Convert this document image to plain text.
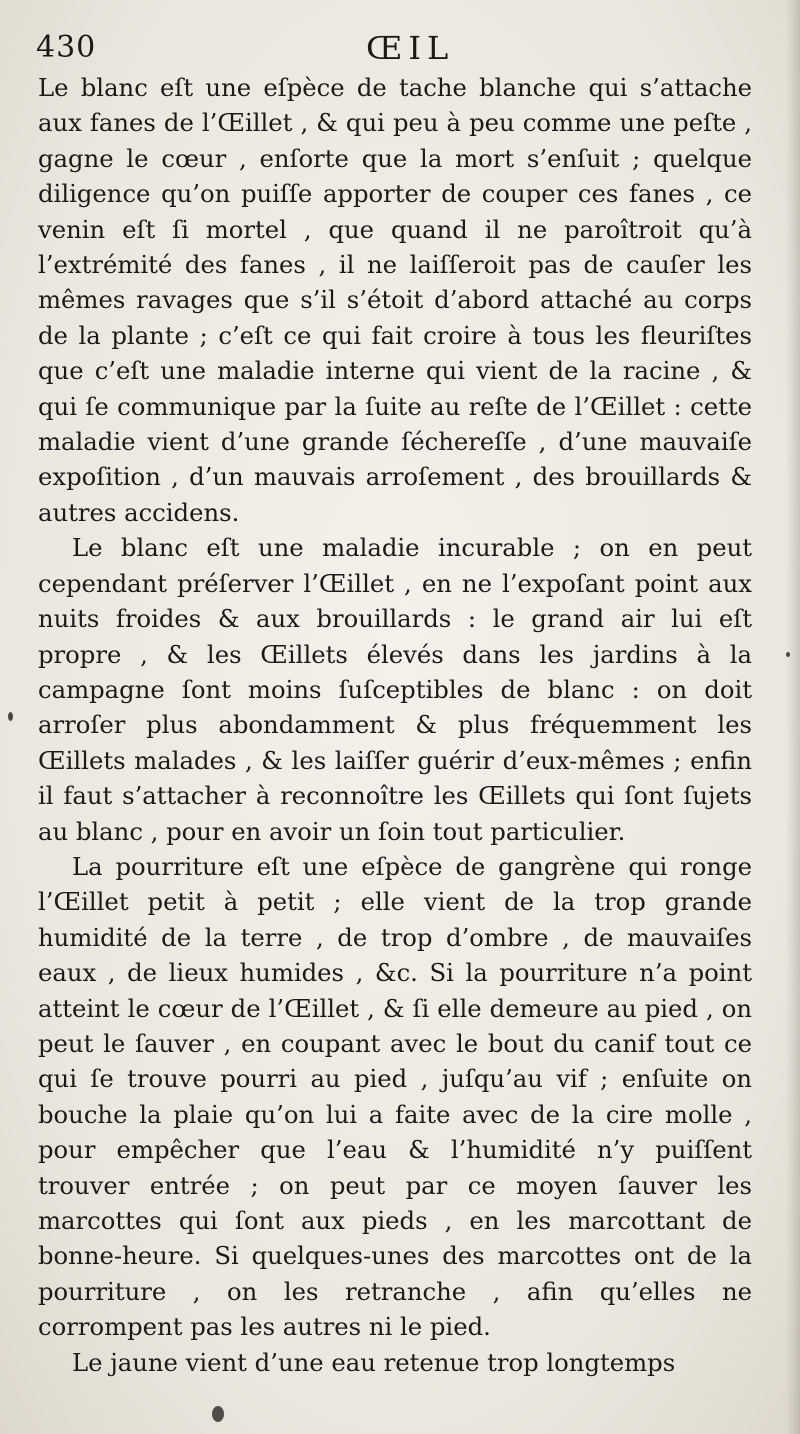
430	ŒIL

Le blanc eſt une eſpèce de tache blanche qui s’attache aux fanes de l’Œillet , & qui peu à peu comme une peſte , gagne le cœur , enſorte que la mort s’enſuit ; quelque diligence qu’on puiſſe apporter de couper ces fanes , ce venin eſt ſi mortel , que quand il ne paroîtroit qu’à l’extrémité des fanes , il ne laiſſeroit pas de cauſer les mêmes ravages que s’il s’étoit d’abord attaché au corps de la plante ; c’eſt ce qui fait croire à tous les fleuriſtes que c’eſt une maladie interne qui vient de la racine , & qui ſe communique par la ſuite au reſte de l’Œillet : cette maladie vient d’une grande ſéchereſſe , d’une mauvaiſe expoſition , d’un mauvais arroſement , des brouillards & autres accidens.

Le blanc eſt une maladie incurable ; on en peut cependant préſerver l’Œillet , en ne l’expoſant point aux nuits froides & aux brouillards : le grand air lui eſt propre , & les Œillets élevés dans les jardins à la campagne ſont moins ſuſceptibles de blanc : on doit arroſer plus abondamment & plus fréquemment les Œillets malades , & les laiſſer guérir d’eux-mêmes ; enfin il faut s’attacher à reconnoître les Œillets qui ſont ſujets au blanc , pour en avoir un ſoin tout particulier.

La pourriture eſt une eſpèce de gangrène qui ronge l’Œillet petit à petit ; elle vient de la trop grande humidité de la terre , de trop d’ombre , de mauvaiſes eaux , de lieux humides , &c. Si la pourriture n’a point atteint le cœur de l’Œillet , & ſi elle demeure au pied , on peut le ſauver , en coupant avec le bout du canif tout ce qui ſe trouve pourri au pied , juſqu’au vif ; enſuite on bouche la plaie qu’on lui a faite avec de la cire molle , pour empêcher que l’eau & l’humidité n’y puiſſent trouver entrée ; on peut par ce moyen ſauver les marcottes qui ſont aux pieds , en les marcottant de bonne-heure. Si quelques-unes des marcottes ont de la pourriture , on les retranche , afin qu’elles ne corrompent pas les autres ni le pied.

Le jaune vient d’une eau retenue trop longtemps
